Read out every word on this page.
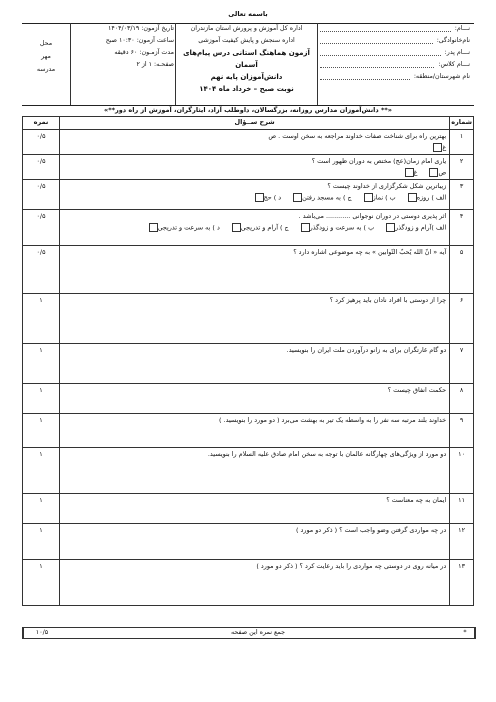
باسمه تعالی
نـــام:
نام‌خانوادگی:
نـــام پدر:
نـــام کلاس:
نام شهرستان/منطقه:
اداره کل آموزش و پرورش استان مازندران
اداره سنجش و پایش کیفیت آموزشی
آزمون هماهنگ استانی درس پیام‌های آسمان
دانش‌آموزان پایه نهم
نوبت صبح – خرداد ماه ۱۴۰۴
تاریخ آزمون: ۱۴۰۴/۰۳/۱۹
ساعت آزمون: ۱۰:۳۰ صبح
مدت آزمـون: ۶۰ دقیقه
صفحـه: ۱ از ۲
محل
مهر
مدرسه
«** دانش‌آموزان مدارس روزانه، بزرگسالان، داوطلب آزاد، ایثارگران، آموزش از راه دور**»
شماره	شرح ســؤال	نمره
۱	بهترین راه برای شناخت صفات خداوند مراجعه به سخن اوست . ص
غ	۰/۵
۲	یاری امام زمان(عج) مختص به دوران ظهور است ؟
ص
غ	۰/۵
۳	زیباترین شکل شکرگزاری از خداوند چیست ؟
الف ) روزه
ب ) نماز
ج ) به مسجد رفتن
د ) حج	۰/۵
۴	اثر پذیری دوستی در دوران نوجوانی ............ می‌باشد .
الف )آرام و زودگذر
ب ) به سرعت و زودگذر
ج ) آرام و تدریجی
د ) به سرعت و تدریجی	۰/۵
۵	آیه « انّ الله یُحبّ التّوابین » به چه موضوعی اشاره دارد ؟	۰/۵
۶	چرا از دوستی با افراد نادان باید پرهیز کرد ؟	۱
۷	دو گام غارتگران برای به زانو درآوردن ملت ایران را بنویسید.	۱
۸	حکمت انفاق چیست ؟	۱
۹	خداوند بلند مرتبه سه نفر را به واسطه یک تیر به بهشت می‌برد ( دو مورد را بنویسید. )	۱
۱۰	دو مورد از ویژگی‌های چهارگانه عالمان با توجه به سخن امام صادق علیه السلام را بنویسید.	۱
۱۱	ایمان به چه معناست ؟	۱
۱۲	در چه مواردی گرفتن وضو واجب است ؟ ( ذکر دو مورد )	۱
۱۳	در میانه روی در دوستی چه مواردی را باید رعایت کرد ؟ ( ذکر دو مورد )	۱
*
جمع نمره این صفحه
۱۰/۵
